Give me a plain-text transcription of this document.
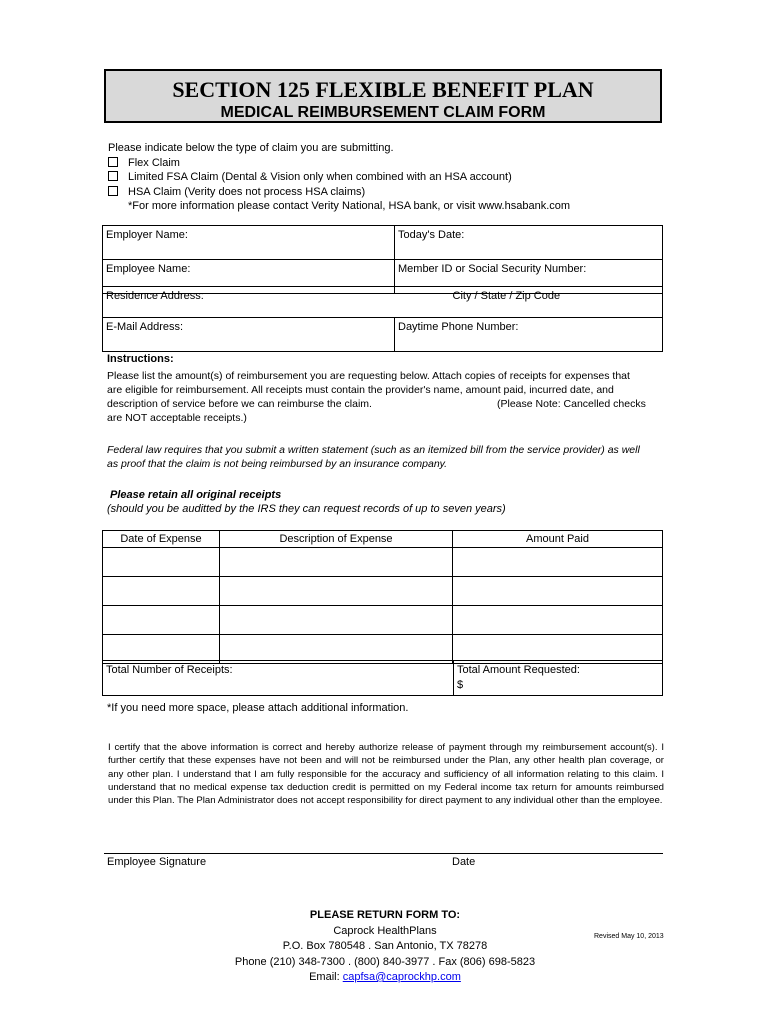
SECTION 125 FLEXIBLE BENEFIT PLAN
MEDICAL REIMBURSEMENT CLAIM FORM
Please indicate below the type of claim you are submitting.
Flex Claim
Limited FSA Claim (Dental & Vision only when combined with an HSA account)
HSA Claim (Verity does not process HSA claims)
*For more information please contact Verity National, HSA bank, or visit www.hsabank.com
Employer Name:	Today's Date:
Employee Name:	Member ID or Social Security Number:
Residence Address:	City / State / Zip Code

E-Mail Address:	Daytime Phone Number:
Instructions:
Please list the amount(s) of reimbursement you are requesting below. Attach copies of receipts for expenses that
are eligible for reimbursement. All receipts must contain the provider's name, amount paid, incurred date, and
description of service before we can reimburse the claim.	(Please Note: Cancelled checks
are NOT acceptable receipts.)
Federal law requires that you submit a written statement (such as an itemized bill from the service provider) as well
as proof that the claim is not being reimbursed by an insurance company.
Please retain all original receipts
(should you be auditted by the IRS they can request records of up to seven years)
Date of Expense	Description of Expense	Amount Paid

Total Number of Receipts:	Total Amount Requested:
$
*If you need more space, please attach additional information.
I certify that the above information is correct and hereby authorize release of payment through my reimbursement account(s). I further certify that these expenses have not been and will not be reimbursed under the Plan, any other health plan coverage, or any other plan. I understand that I am fully responsible for the accuracy and sufficiency of all information relating to this claim. I understand that no medical expense tax deduction credit is permitted on my Federal income tax return for amounts reimbursed under this Plan. The Plan Administrator does not accept responsibility for direct payment to any individual other than the employee.
Employee Signature	Date
PLEASE RETURN FORM TO:
Caprock HealthPlans
P.O. Box 780548 . San Antonio, TX 78278
Phone (210) 348-7300 . (800) 840-3977 . Fax (806) 698-5823
Email: capfsa@caprockhp.com
Revised May 10, 2013
